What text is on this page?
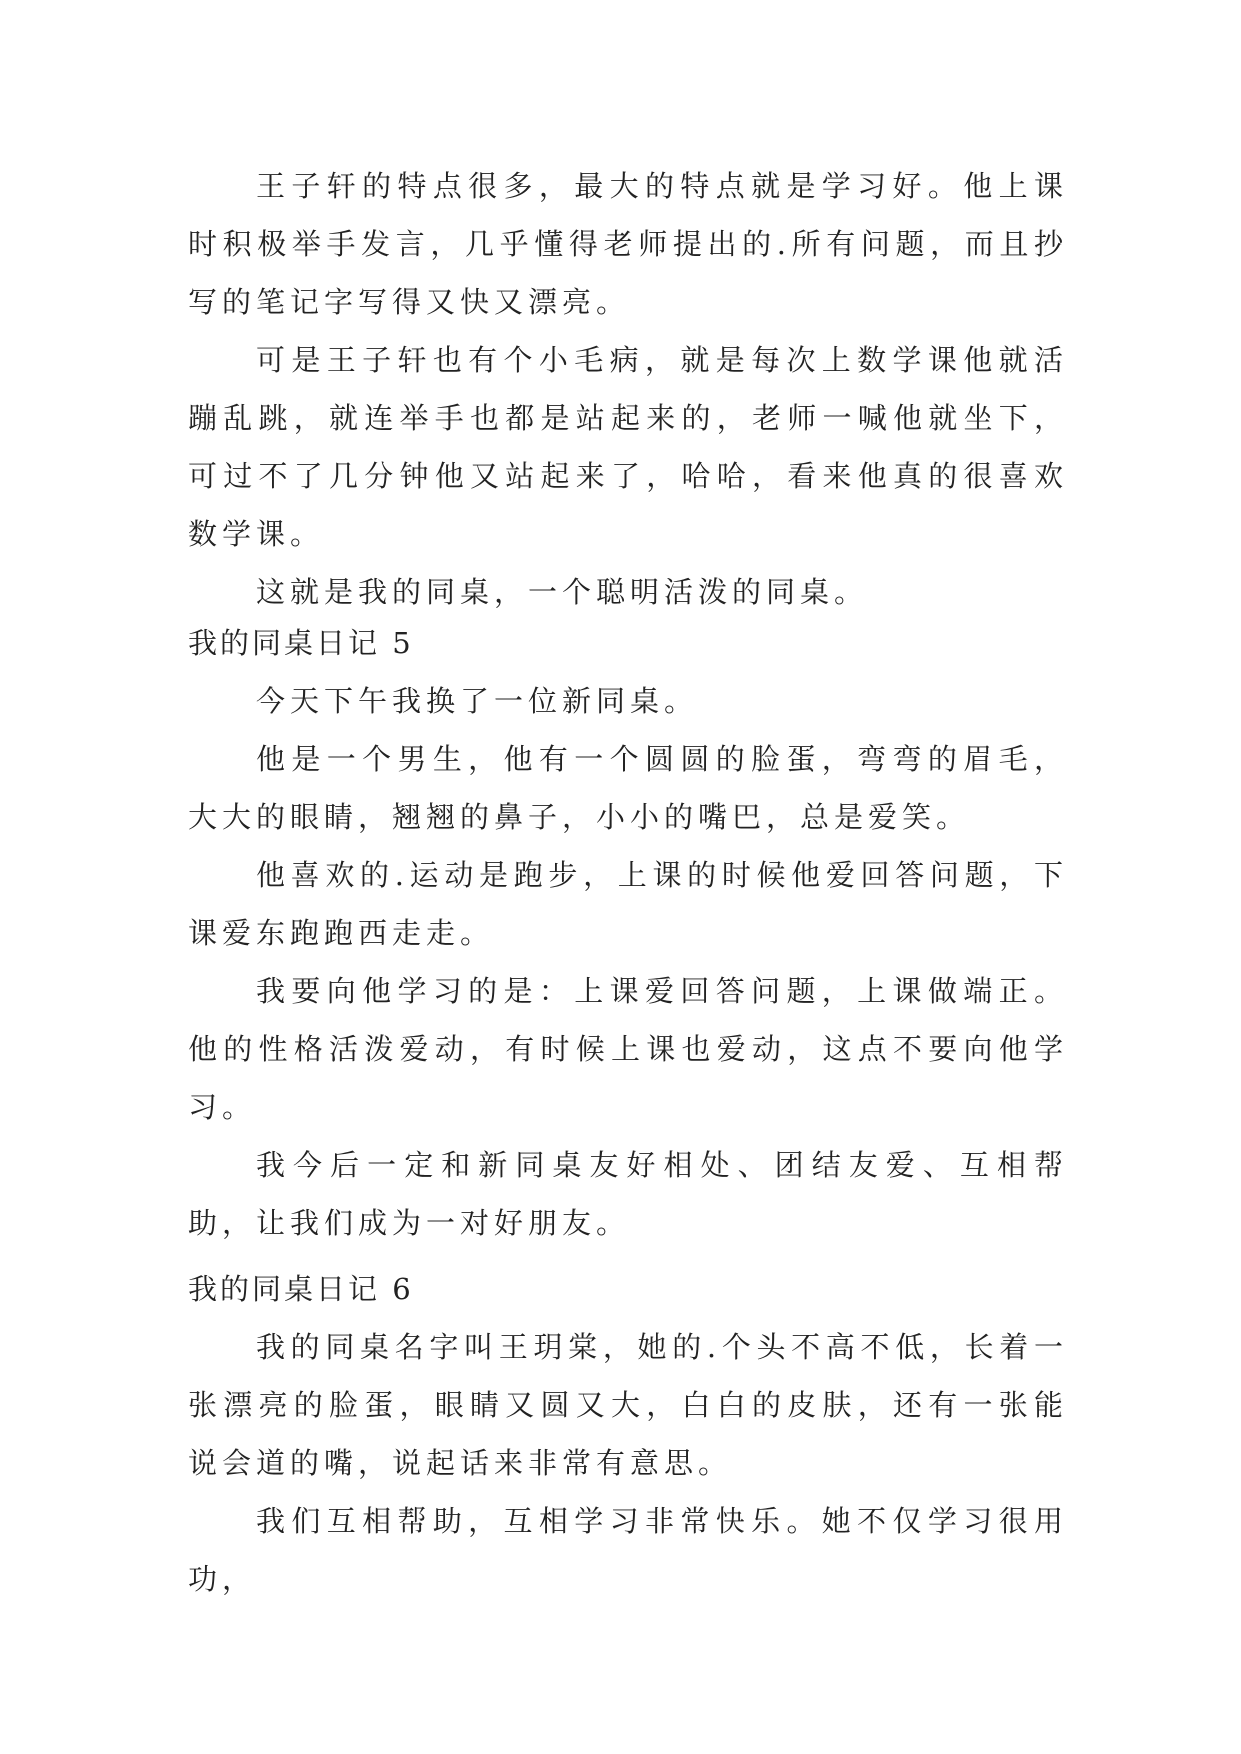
王子轩的特点很多，最大的特点就是学习好。他上课时积极举手发言，几乎懂得老师提出的.所有问题，而且抄写的笔记字写得又快又漂亮。

可是王子轩也有个小毛病，就是每次上数学课他就活蹦乱跳，就连举手也都是站起来的，老师一喊他就坐下，可过不了几分钟他又站起来了，哈哈，看来他真的很喜欢数学课。

这就是我的同桌，一个聪明活泼的同桌。

我的同桌日记 5

今天下午我换了一位新同桌。

他是一个男生，他有一个圆圆的脸蛋，弯弯的眉毛，大大的眼睛，翘翘的鼻子，小小的嘴巴，总是爱笑。

他喜欢的.运动是跑步，上课的时候他爱回答问题，下课爱东跑跑西走走。

我要向他学习的是：上课爱回答问题，上课做端正。他的性格活泼爱动，有时候上课也爱动，这点不要向他学习。

我今后一定和新同桌友好相处、团结友爱、互相帮助，让我们成为一对好朋友。

我的同桌日记 6

我的同桌名字叫王玥棠，她的.个头不高不低，长着一张漂亮的脸蛋，眼睛又圆又大，白白的皮肤，还有一张能说会道的嘴，说起话来非常有意思。

我们互相帮助，互相学习非常快乐。她不仅学习很用功，
